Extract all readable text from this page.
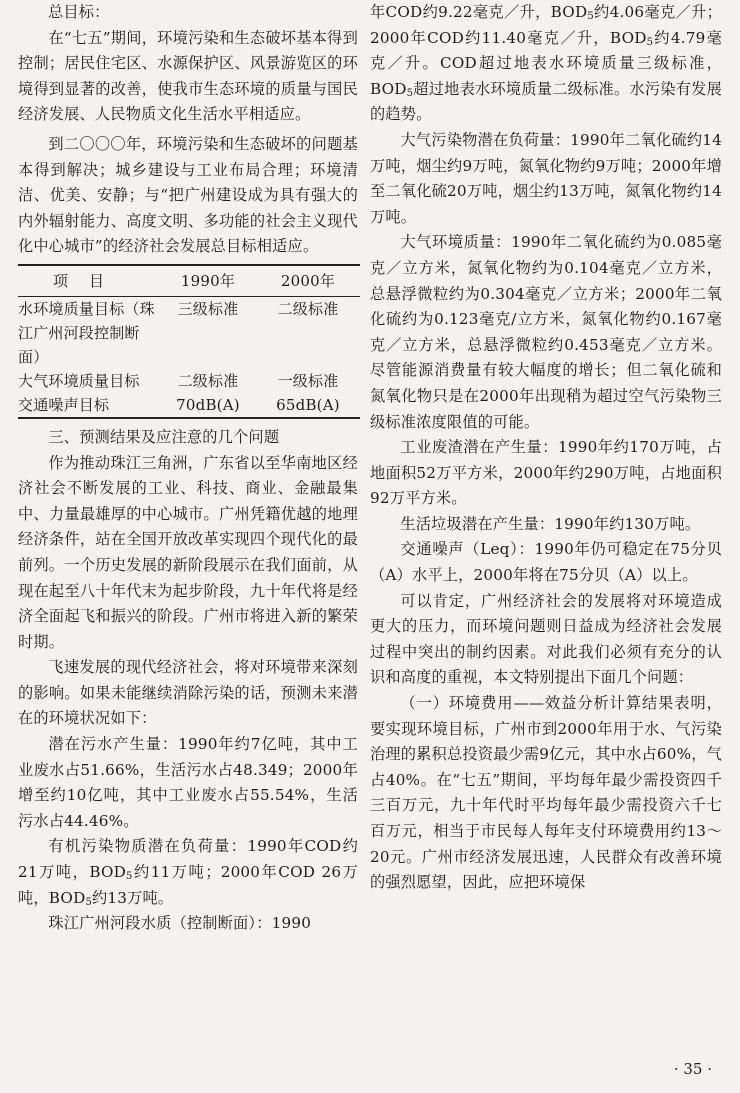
总目标：

在“七五”期间，环境污染和生态破坏基本得到控制；居民住宅区、水源保护区、风景游览区的环境得到显著的改善，使我市生态环境的质量与国民经济发展、人民物质文化生活水平相适应。

到二〇〇〇年，环境污染和生态破坏的问题基本得到解决；城乡建设与工业布局合理；环境清洁、优美、安静；与“把广州建设成为具有强大的内外辐射能力、高度文明、多功能的社会主义现代化中心城市”的经济社会发展总目标相适应。

项目	1990年	2000年
水环境质量目标（珠江广州河段控制断面）	三级标准	二级标准
大气环境质量目标	二级标准	一级标准
交通噪声目标	70dB(A)	65dB(A)

三、预测结果及应注意的几个问题

作为推动珠江三角洲，广东省以至华南地区经济社会不断发展的工业、科技、商业、金融最集中、力量最雄厚的中心城市。广州凭籍优越的地理经济条件，站在全国开放改革实现四个现代化的最前列。一个历史发展的新阶段展示在我们面前，从现在起至八十年代末为起步阶段，九十年代将是经济全面起飞和振兴的阶段。广州市将进入新的繁荣时期。

飞速发展的现代经济社会，将对环境带来深刻的影响。如果未能继续消除污染的话，预测未来潜在的环境状况如下：

潜在污水产生量：1990年约7亿吨，其中工业废水占51.66%，生活污水占48.349；2000年增至约10亿吨，其中工业废水占55.54%，生活污水占44.46%。

有机污染物质潜在负荷量：1990年COD约21万吨，$BOD_5$约11万吨；2000年COD 26万吨，$BOD_5$约13万吨。

珠江广州河段水质（控制断面）：1990

年COD约9.22毫克／升，$BOD_5$约4.06毫克／升；2000年COD约11.40毫克／升，$BOD_5$约4.79毫克／升。COD超过地表水环境质量三级标准，$BOD_5$超过地表水环境质量二级标准。水污染有发展的趋势。

大气污染物潜在负荷量：1990年二氧化硫约14万吨，烟尘约9万吨，氮氧化物约9万吨；2000年增至二氧化硫20万吨，烟尘约13万吨，氮氧化物约14万吨。

大气环境质量：1990年二氧化硫约为0.085毫克／立方米，氮氧化物约为0.104毫克／立方米，总悬浮微粒约为0.304毫克／立方米；2000年二氧化硫约为0.123毫克/立方米，氮氧化物约0.167毫克／立方米，总悬浮微粒约0.453毫克／立方米。尽管能源消费量有较大幅度的增长；但二氧化硫和氮氧化物只是在2000年出现稍为超过空气污染物三级标准浓度限值的可能。

工业废渣潜在产生量：1990年约170万吨，占地面积52万平方米，2000年约290万吨，占地面积92万平方米。

生活垃圾潜在产生量：1990年约130万吨。

交通噪声（Leq）：1990年仍可稳定在75分贝（A）水平上，2000年将在75分贝（A）以上。

可以肯定，广州经济社会的发展将对环境造成更大的压力，而环境问题则日益成为经济社会发展过程中突出的制约因素。对此我们必须有充分的认识和高度的重视，本文特别提出下面几个问题：

（一）环境费用——效益分析计算结果表明，要实现环境目标，广州市到2000年用于水、气污染治理的累积总投资最少需9亿元，其中水占60%，气占40%。在“七五”期间，平均每年最少需投资四千三百万元，九十年代时平均每年最少需投资六千七百万元，相当于市民每人每年支付环境费用约13～20元。广州市经济发展迅速，人民群众有改善环境的强烈愿望，因此，应把环境保

· 35 ·
